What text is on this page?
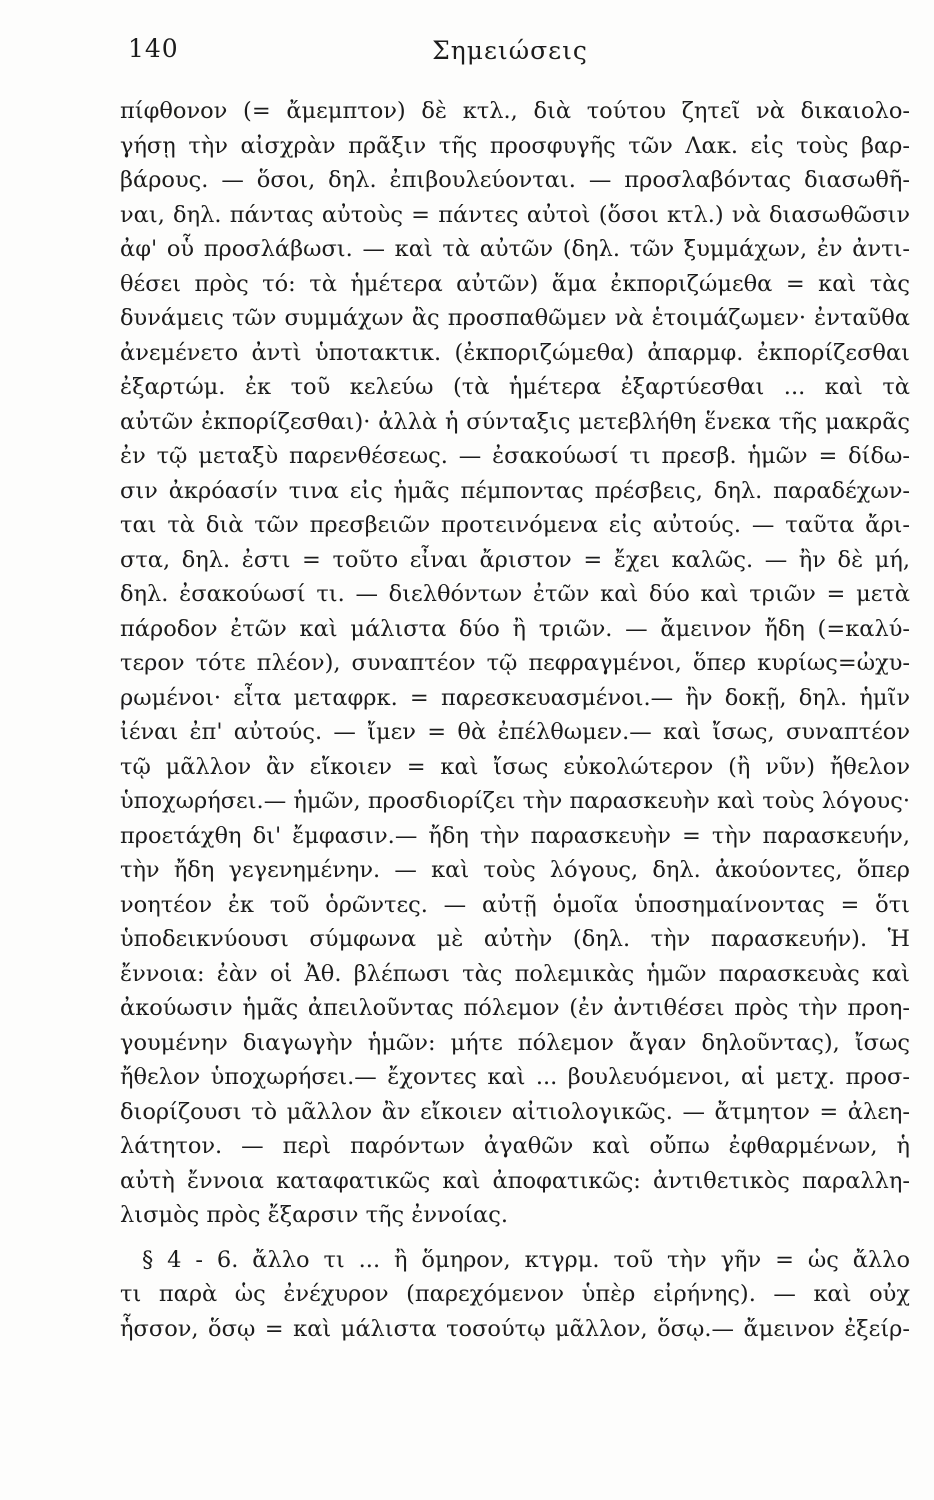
140	Σημειώσεις
πίφθονον (= ἄμεμπτον) δὲ κτλ., διὰ τούτου ζητεῖ νὰ δικαιολο-
γήσῃ τὴν αἰσχρὰν πρᾶξιν τῆς προσφυγῆς τῶν Λακ. εἰς τοὺς βαρ-
βάρους. — ὅσοι, δηλ. ἐπιβουλεύονται. — προσλαβόντας διασωθῆ-
ναι, δηλ. πάντας αὐτοὺς = πάντες αὐτοὶ (ὅσοι κτλ.) νὰ διασωθῶσιν
ἀφ' οὗ προσλάβωσι. — καὶ τὰ αὐτῶν (δηλ. τῶν ξυμμάχων, ἐν ἀντι-
θέσει πρὸς τό: τὰ ἡμέτερα αὐτῶν) ἅμα ἐκποριζώμεθα = καὶ τὰς
δυνάμεις τῶν συμμάχων ἂς προσπαθῶμεν νὰ ἑτοιμάζωμεν· ἐνταῦθα
ἀνεμένετο ἀντὶ ὑποτακτικ. (ἐκποριζώμεθα) ἀπαρμφ. ἐκπορίζεσθαι
ἐξαρτώμ. ἐκ τοῦ κελεύω (τὰ ἡμέτερα ἐξαρτύεσθαι ... καὶ τὰ
αὐτῶν ἐκπορίζεσθαι)· ἀλλὰ ἡ σύνταξις μετεβλήθη ἕνεκα τῆς μακρᾶς
ἐν τῷ μεταξὺ παρενθέσεως. — ἐσακούωσί τι πρεσβ. ἡμῶν = δίδω-
σιν ἀκρόασίν τινα εἰς ἡμᾶς πέμποντας πρέσβεις, δηλ. παραδέχων-
ται τὰ διὰ τῶν πρεσβειῶν προτεινόμενα εἰς αὐτούς. — ταῦτα ἄρι-
στα, δηλ. ἐστι = τοῦτο εἶναι ἄριστον = ἔχει καλῶς. — ἢν δὲ μή,
δηλ. ἐσακούωσί τι. — διελθόντων ἐτῶν καὶ δύο καὶ τριῶν = μετὰ
πάροδον ἐτῶν καὶ μάλιστα δύο ἢ τριῶν. — ἄμεινον ἤδη (=καλύ-
τερον τότε πλέον), συναπτέον τῷ πεφραγμένοι, ὅπερ κυρίως=ὠχυ-
ρωμένοι· εἶτα μεταφρκ. = παρεσκευασμένοι.— ἢν δοκῇ, δηλ. ἡμῖν
ἰέναι ἐπ' αὐτούς. — ἴμεν = θὰ ἐπέλθωμεν.— καὶ ἴσως, συναπτέον
τῷ μᾶλλον ἂν εἴκοιεν = καὶ ἴσως εὐκολώτερον (ἢ νῦν) ἤθελον
ὑποχωρήσει.— ἡμῶν, προσδιορίζει τὴν παρασκευὴν καὶ τοὺς λόγους·
προετάχθη δι' ἔμφασιν.— ἤδη τὴν παρασκευὴν = τὴν παρασκευήν,
τὴν ἤδη γεγενημένην. — καὶ τοὺς λόγους, δηλ. ἀκούοντες, ὅπερ
νοητέον ἐκ τοῦ ὁρῶντες. — αὐτῇ ὁμοῖα ὑποσημαίνοντας = ὅτι
ὑποδεικνύουσι σύμφωνα μὲ αὐτὴν (δηλ. τὴν παρασκευήν). Ἡ
ἔννοια: ἐὰν οἱ Ἀθ. βλέπωσι τὰς πολεμικὰς ἡμῶν παρασκευὰς καὶ
ἀκούωσιν ἡμᾶς ἀπειλοῦντας πόλεμον (ἐν ἀντιθέσει πρὸς τὴν προη-
γουμένην διαγωγὴν ἡμῶν: μήτε πόλεμον ἄγαν δηλοῦντας), ἴσως
ἤθελον ὑποχωρήσει.— ἔχοντες καὶ ... βουλευόμενοι, αἱ μετχ. προσ-
διορίζουσι τὸ μᾶλλον ἂν εἴκοιεν αἰτιολογικῶς. — ἄτμητον = ἀλεη-
λάτητον. — περὶ παρόντων ἀγαθῶν καὶ οὔπω ἐφθαρμένων, ἡ
αὐτὴ ἔννοια καταφατικῶς καὶ ἀποφατικῶς: ἀντιθετικὸς παραλλη-
λισμὸς πρὸς ἔξαρσιν τῆς ἐννοίας.
§ 4 - 6. ἄλλο τι ... ἢ ὅμηρον, κτγρμ. τοῦ τὴν γῆν = ὡς ἄλλο
τι παρὰ ὡς ἐνέχυρον (παρεχόμενον ὑπὲρ εἰρήνης). — καὶ οὐχ
ἧσσον, ὅσῳ = καὶ μάλιστα τοσούτῳ μᾶλλον, ὅσῳ.— ἄμεινον ἐξείρ-
